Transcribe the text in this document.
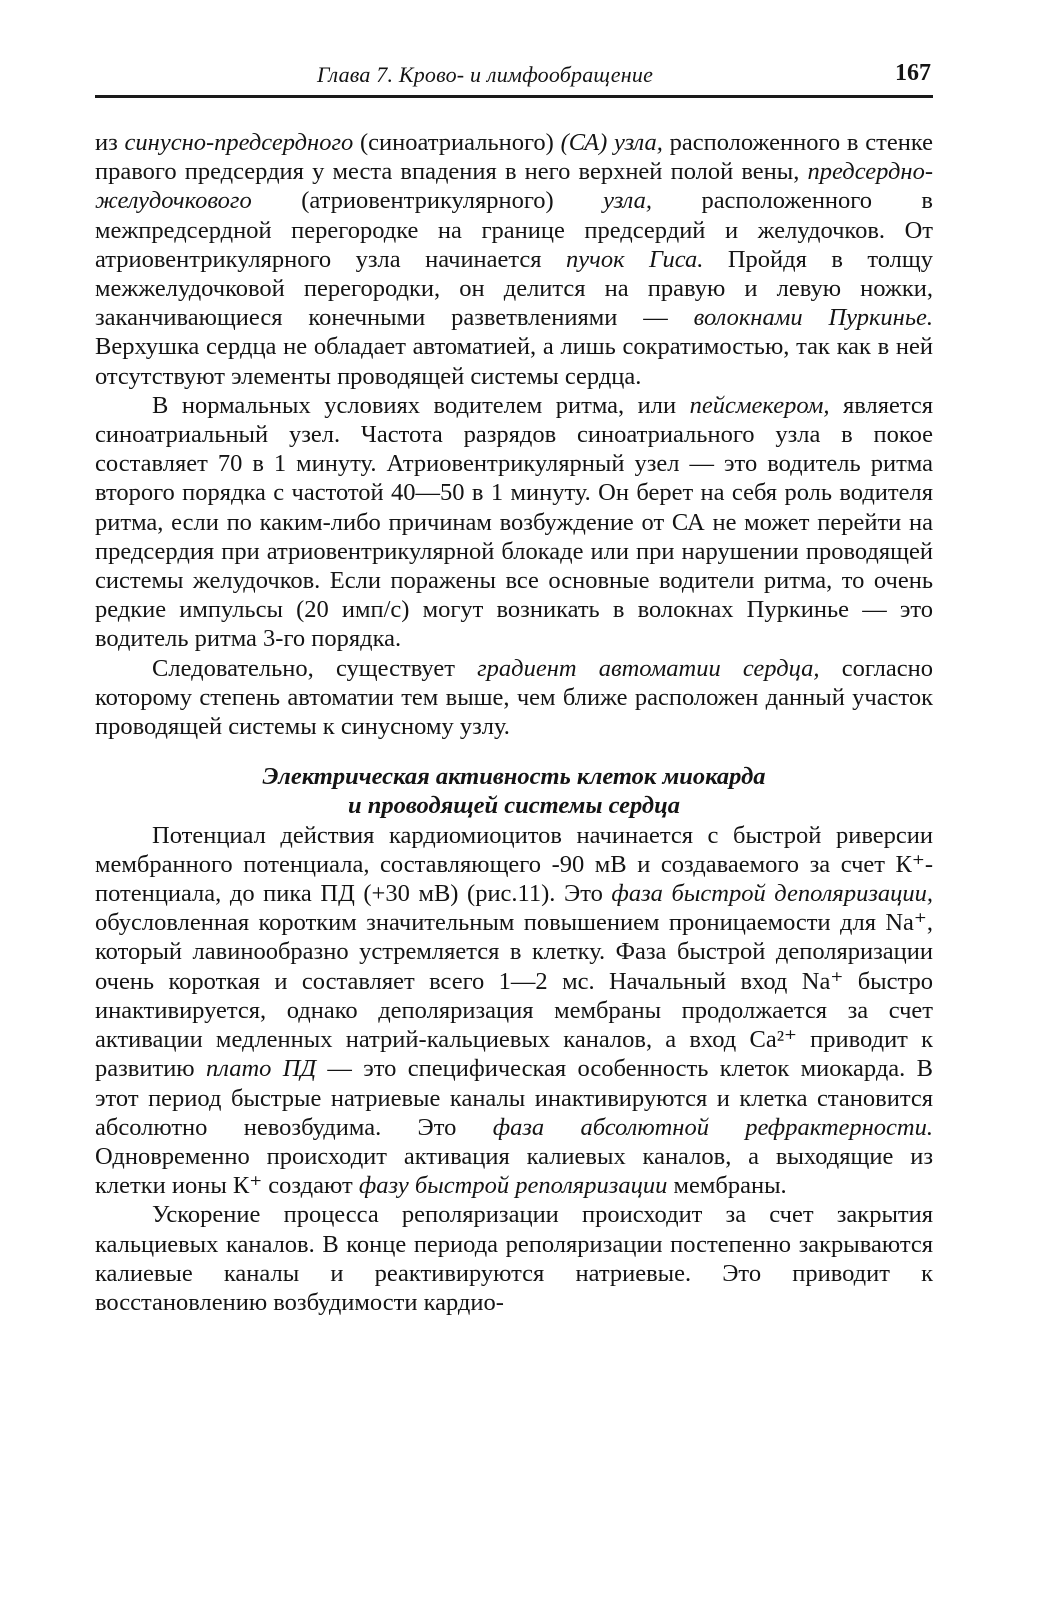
Глава 7. Крово- и лимфообращение	167

из синусно-предсердного (синоатриального) (СА) узла, расположенного в стенке правого предсердия у места впадения в него верхней полой вены, предсердно-желудочкового (атриовентрикулярного) узла, расположенного в межпредсердной перегородке на границе предсердий и желудочков. От атриовентрикулярного узла начинается пучок Гиса. Пройдя в толщу межжелудочковой перегородки, он делится на правую и левую ножки, заканчивающиеся конечными разветвлениями — волокнами Пуркинье. Верхушка сердца не обладает автоматией, а лишь сократимостью, так как в ней отсутствуют элементы проводящей системы сердца.

В нормальных условиях водителем ритма, или пейсмекером, является синоатриальный узел. Частота разрядов синоатриального узла в покое составляет 70 в 1 минуту. Атриовентрикулярный узел — это водитель ритма второго порядка с частотой 40—50 в 1 минуту. Он берет на себя роль водителя ритма, если по каким-либо причинам возбуждение от СА не может перейти на предсердия при атриовентрикулярной блокаде или при нарушении проводящей системы желудочков. Если поражены все основные водители ритма, то очень редкие импульсы (20 имп/с) могут возникать в волокнах Пуркинье — это водитель ритма 3-го порядка.

Следовательно, существует градиент автоматии сердца, согласно которому степень автоматии тем выше, чем ближе расположен данный участок проводящей системы к синусному узлу.

Электрическая активность клеток миокарда
и проводящей системы сердца

Потенциал действия кардиомиоцитов начинается с быстрой риверсии мембранного потенциала, составляющего -90 мВ и создаваемого за счет К⁺-потенциала, до пика ПД (+30 мВ) (рис.11). Это фаза быстрой деполяризации, обусловленная коротким значительным повышением проницаемости для Na⁺, который лавинообразно устремляется в клетку. Фаза быстрой деполяризации очень короткая и составляет всего 1—2 мс. Начальный вход Na⁺ быстро инактивируется, однако деполяризация мембраны продолжается за счет активации медленных натрий-кальциевых каналов, а вход Са²⁺ приводит к развитию плато ПД — это специфическая особенность клеток миокарда. В этот период быстрые натриевые каналы инактивируются и клетка становится абсолютно невозбудима. Это фаза абсолютной рефрактерности. Одновременно происходит активация калиевых каналов, а выходящие из клетки ионы К⁺ создают фазу быстрой реполяризации мембраны.

Ускорение процесса реполяризации происходит за счет закрытия кальциевых каналов. В конце периода реполяризации постепенно закрываются калиевые каналы и реактивируются натриевые. Это приводит к восстановлению возбудимости кардио-
